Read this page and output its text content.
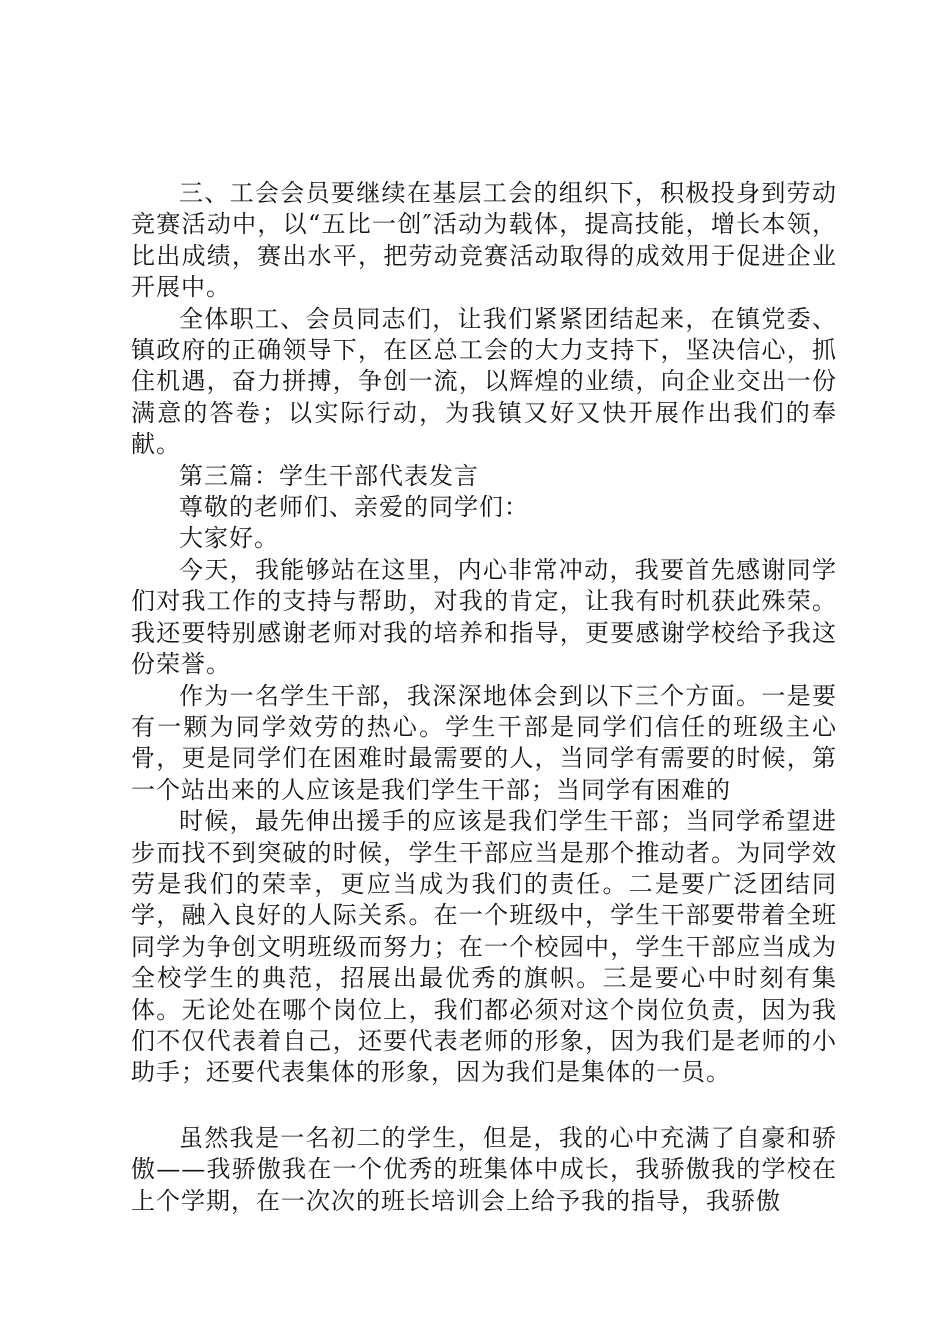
三、工会会员要继续在基层工会的组织下，积极投身到劳动竞赛活动中，以“五比一创″活动为载体，提高技能，增长本领，比出成绩，赛出水平，把劳动竞赛活动取得的成效用于促进企业开展中。

全体职工、会员同志们，让我们紧紧团结起来，在镇党委、镇政府的正确领导下，在区总工会的大力支持下，坚决信心，抓住机遇，奋力拼搏，争创一流，以辉煌的业绩，向企业交出一份满意的答卷；以实际行动，为我镇又好又快开展作出我们的奉献。

第三篇：学生干部代表发言

尊敬的老师们、亲爱的同学们：

大家好。

今天，我能够站在这里，内心非常冲动，我要首先感谢同学们对我工作的支持与帮助，对我的肯定，让我有时机获此殊荣。我还要特别感谢老师对我的培养和指导，更要感谢学校给予我这份荣誉。

作为一名学生干部，我深深地体会到以下三个方面。一是要有一颗为同学效劳的热心。学生干部是同学们信任的班级主心骨，更是同学们在困难时最需要的人，当同学有需要的时候，第一个站出来的人应该是我们学生干部；当同学有困难的

时候，最先伸出援手的应该是我们学生干部；当同学希望进步而找不到突破的时候，学生干部应当是那个推动者。为同学效劳是我们的荣幸，更应当成为我们的责任。二是要广泛团结同学，融入良好的人际关系。在一个班级中，学生干部要带着全班同学为争创文明班级而努力；在一个校园中，学生干部应当成为全校学生的典范，招展出最优秀的旗帜。三是要心中时刻有集体。无论处在哪个岗位上，我们都必须对这个岗位负责，因为我们不仅代表着自己，还要代表老师的形象，因为我们是老师的小助手；还要代表集体的形象，因为我们是集体的一员。

虽然我是一名初二的学生，但是，我的心中充满了自豪和骄傲——我骄傲我在一个优秀的班集体中成长，我骄傲我的学校在上个学期，在一次次的班长培训会上给予我的指导，我骄傲
